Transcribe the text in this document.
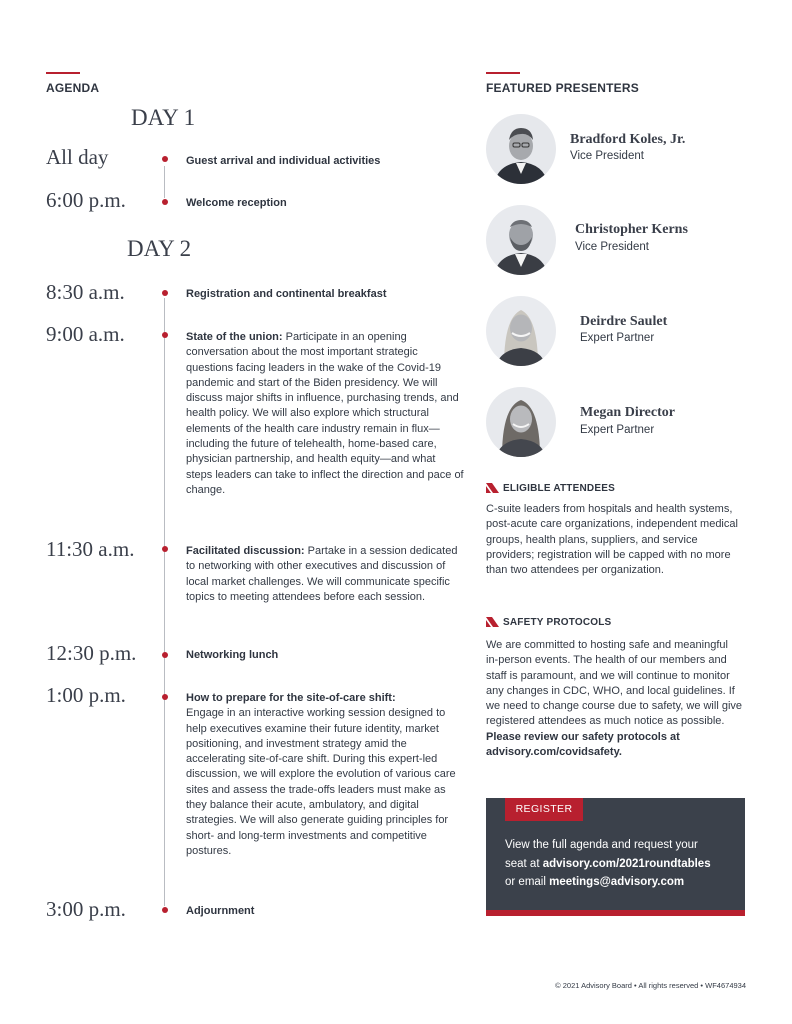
AGENDA
DAY 1
All day	Guest arrival and individual activities
6:00 p.m.	Welcome reception
DAY 2
8:30 a.m.	Registration and continental breakfast
9:00 a.m.	State of the union: Participate in an opening conversation about the most important strategic questions facing leaders in the wake of the Covid-19 pandemic and start of the Biden presidency. We will discuss major shifts in influence, purchasing trends, and health policy. We will also explore which structural elements of the health care industry remain in flux—including the future of telehealth, home-based care, physician partnership, and health equity—and what steps leaders can take to inflect the direction and pace of change.
11:30 a.m.	Facilitated discussion: Partake in a session dedicated to networking with other executives and discussion of local market challenges. We will communicate specific topics to meeting attendees before each session.
12:30 p.m.	Networking lunch
1:00 p.m.	How to prepare for the site-of-care shift:
Engage in an interactive working session designed to help executives examine their future identity, market positioning, and investment strategy amid the accelerating site-of-care shift. During this expert-led discussion, we will explore the evolution of various care sites and assess the trade-offs leaders must make as they balance their acute, ambulatory, and digital strategies. We will also generate guiding principles for short- and long-term investments and competitive postures.
3:00 p.m.	Adjournment
FEATURED PRESENTERS
Bradford Koles, Jr.
Vice President
Christopher Kerns
Vice President
Deirdre Saulet
Expert Partner
Megan Director
Expert Partner
ELIGIBLE ATTENDEES
C-suite leaders from hospitals and health systems, post-acute care organizations, independent medical groups, health plans, suppliers, and service providers; registration will be capped with no more than two attendees per organization.
SAFETY PROTOCOLS
We are committed to hosting safe and meaningful in-person events. The health of our members and staff is paramount, and we will continue to monitor any changes in CDC, WHO, and local guidelines. If we need to change course due to safety, we will give registered attendees as much notice as possible. Please review our safety protocols at advisory.com/covidsafety.
REGISTER
View the full agenda and request your
seat at advisory.com/2021roundtables
or email meetings@advisory.com
© 2021 Advisory Board • All rights reserved • WF4674934
